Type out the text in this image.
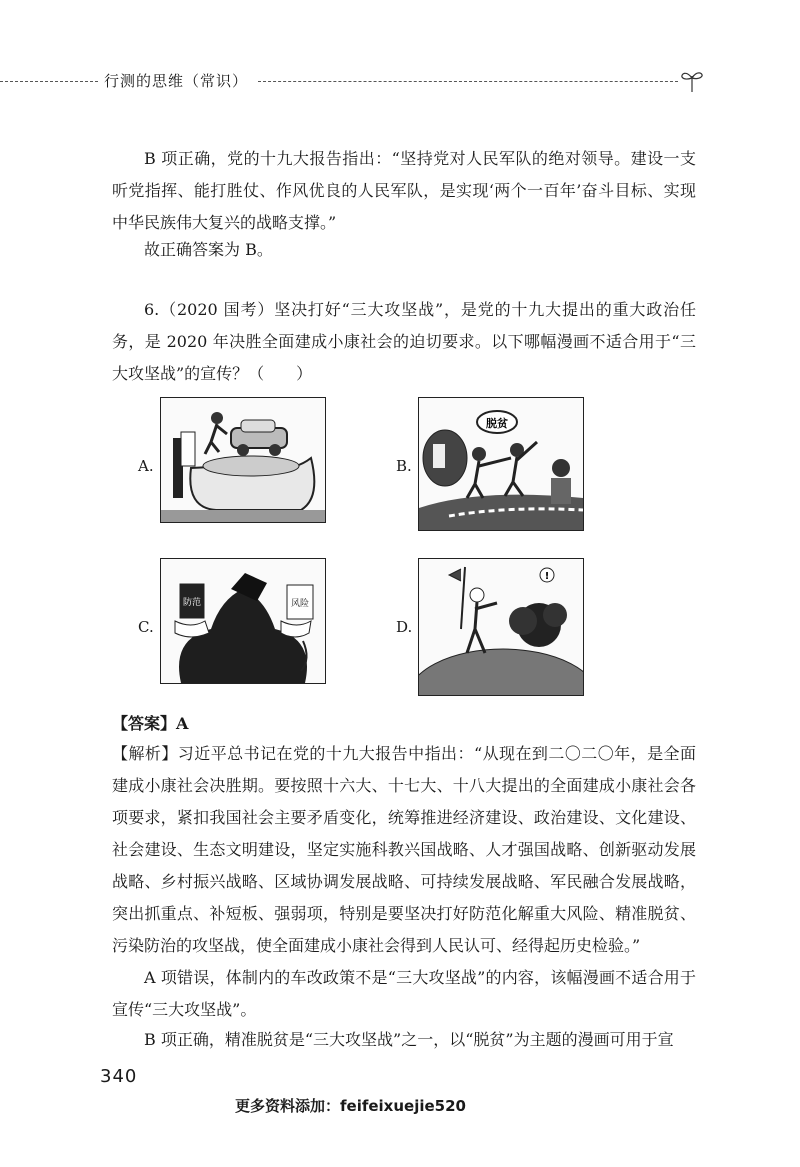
行测的思维（常识）

B 项正确，党的十九大报告指出：“坚持党对人民军队的绝对领导。建设一支听党指挥、能打胜仗、作风优良的人民军队，是实现‘两个一百年’奋斗目标、实现中华民族伟大复兴的战略支撑。”

故正确答案为 B。

6.（2020 国考）坚决打好“三大攻坚战”，是党的十九大提出的重大政治任务，是 2020 年决胜全面建成小康社会的迫切要求。以下哪幅漫画不适合用于“三大攻坚战”的宣传？（　　）

A.	B.
脱贫
C.
防范	风险
D.
!

【答案】A

【解析】习近平总书记在党的十九大报告中指出：“从现在到二〇二〇年，是全面建成小康社会决胜期。要按照十六大、十七大、十八大提出的全面建成小康社会各项要求，紧扣我国社会主要矛盾变化，统筹推进经济建设、政治建设、文化建设、社会建设、生态文明建设，坚定实施科教兴国战略、人才强国战略、创新驱动发展战略、乡村振兴战略、区域协调发展战略、可持续发展战略、军民融合发展战略，突出抓重点、补短板、强弱项，特别是要坚决打好防范化解重大风险、精准脱贫、污染防治的攻坚战，使全面建成小康社会得到人民认可、经得起历史检验。”

A 项错误，体制内的车改政策不是“三大攻坚战”的内容，该幅漫画不适合用于宣传“三大攻坚战”。

B 项正确，精准脱贫是“三大攻坚战”之一，以“脱贫”为主题的漫画可用于宣

340
更多资料添加：feifeixuejie520
